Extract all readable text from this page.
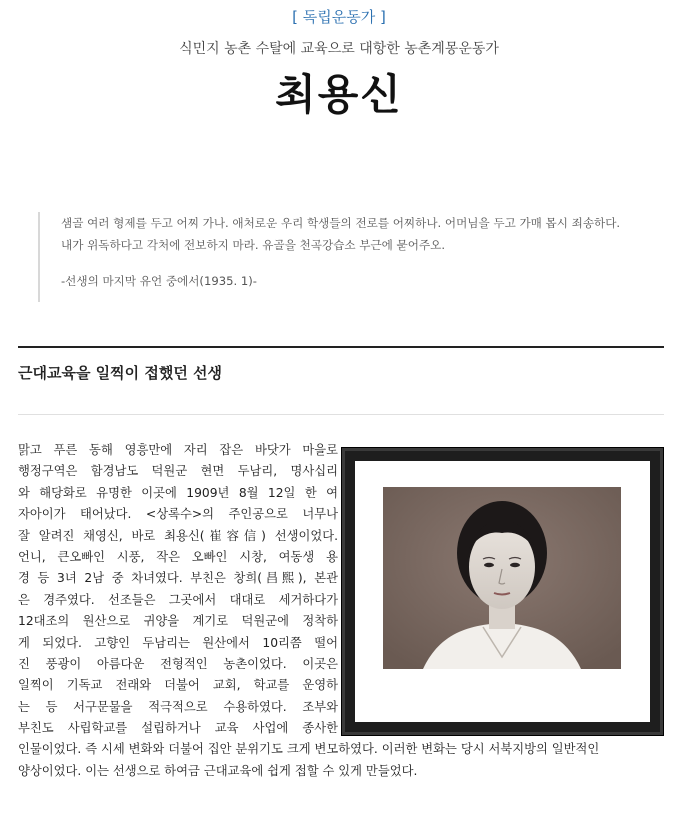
[ 독립운동가 ]
식민지 농촌 수탈에 교육으로 대항한 농촌계몽운동가
최용신

샘골 여러 형제를 두고 어찌 가나. 애처로운 우리 학생들의 전로를 어찌하나. 어머님을 두고 가매 몹시 죄송하다.

내가 위독하다고 각처에 전보하지 마라. 유골을 천곡강습소 부근에 묻어주오.

-선생의 마지막 유언 중에서(1935. 1)-

근대교육을 일찍이 접했던 선생
맑고 푸른 동해 영흥만에 자리 잡은 바닷가 마을로
행정구역은 함경남도 덕원군 현면 두남리, 명사십리
와 해당화로 유명한 이곳에 1909년 8월 12일 한 여
자아이가 태어났다. <상록수>의 주인공으로 너무나
잘 알려진 채영신, 바로 최용신(崔容信) 선생이었다.
언니, 큰오빠인 시풍, 작은 오빠인 시창, 여동생 용
경 등 3녀 2남 중 차녀였다. 부친은 창희(昌熙), 본관
은 경주였다. 선조들은 그곳에서 대대로 세거하다가
12대조의 원산으로 귀양을 계기로 덕원군에 정착하
게 되었다. 고향인 두남리는 원산에서 10리쯤 떨어
진 풍광이 아름다운 전형적인 농촌이었다. 이곳은
일찍이 기독교 전래와 더불어 교회, 학교를 운영하
는 등 서구문물을 적극적으로 수용하였다. 조부와
부친도 사립학교를 설립하거나 교육 사업에 종사한
인물이었다. 즉 시세 변화와 더불어 집안 분위기도 크게 변모하였다. 이러한 변화는 당시 서북지방의 일반적인
양상이었다. 이는 선생으로 하여금 근대교육에 쉽게 접할 수 있게 만들었다.
